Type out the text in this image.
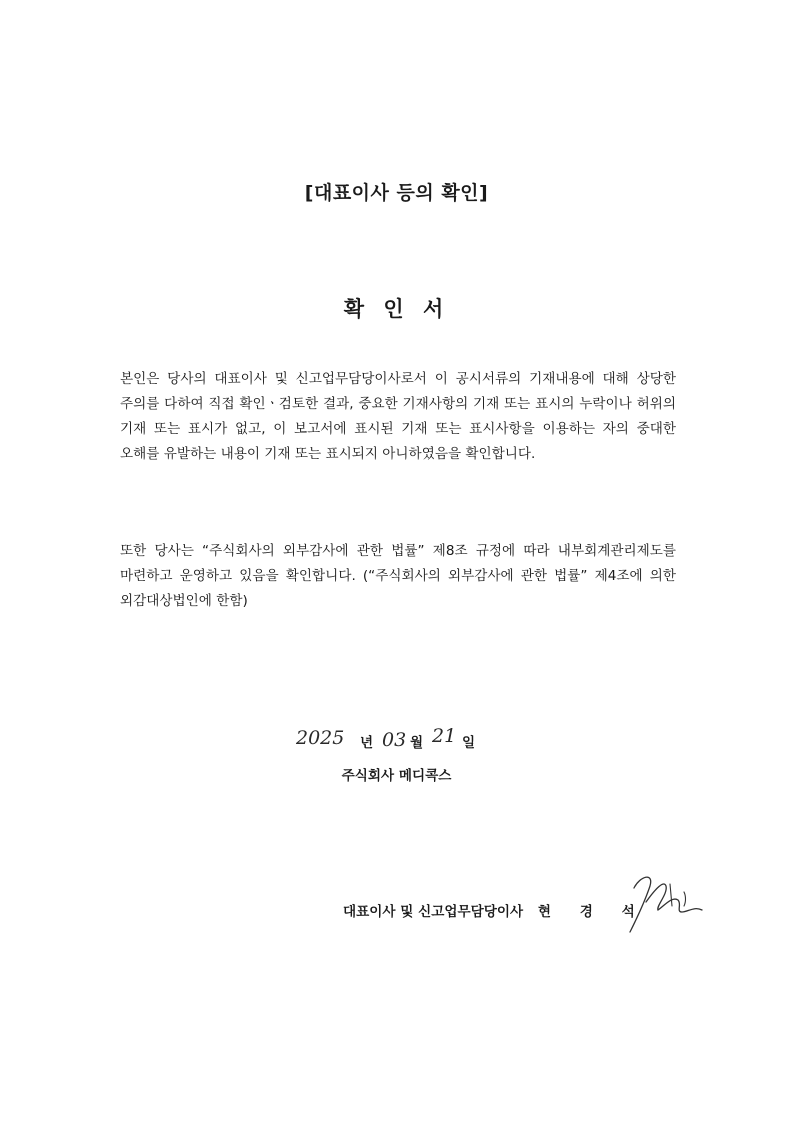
[대표이사 등의 확인]
확 인 서
본인은 당사의 대표이사 및 신고업무담당이사로서 이 공시서류의 기재내용에 대해 상당한 주의를 다하여 직접 확인ㆍ검토한 결과, 중요한 기재사항의 기재 또는 표시의 누락이나 허위의 기재 또는 표시가 없고, 이 보고서에 표시된 기재 또는 표시사항을 이용하는 자의 중대한 오해를 유발하는 내용이 기재 또는 표시되지 아니하였음을 확인합니다.
또한 당사는 “주식회사의 외부감사에 관한 법률” 제8조 규정에 따라 내부회계관리제도를 마련하고 운영하고 있음을 확인합니다. (“주식회사의 외부감사에 관한 법률” 제4조에 의한 외감대상법인에 한함)
2025 년 03 월 21 일
주식회사 메디콕스
대표이사 및 신고업무담당이사 현 경 석
